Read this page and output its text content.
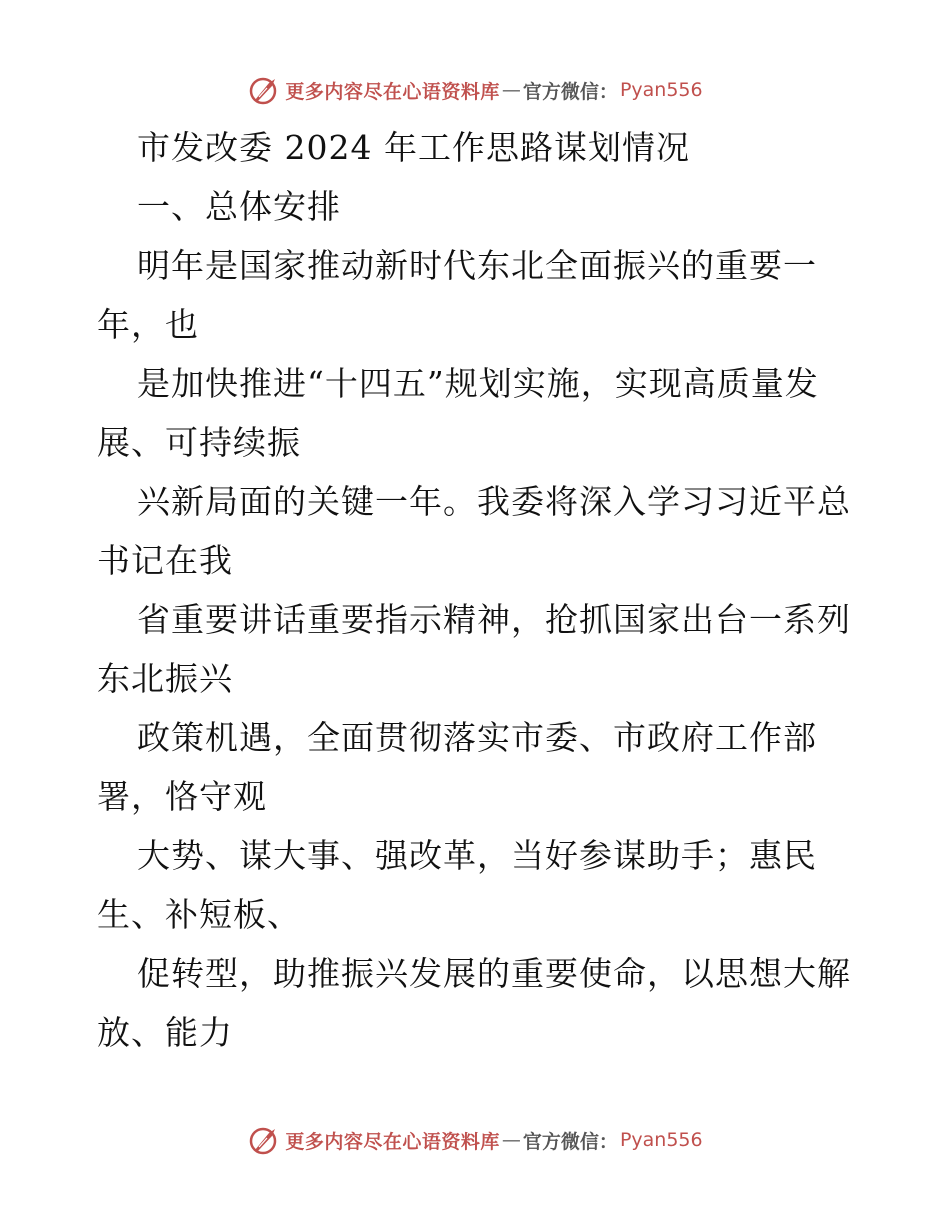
更多内容尽在心语资料库 — 官方微信： Pyan556
市发改委 2024 年工作思路谋划情况
一、总体安排
明年是国家推动新时代东北全面振兴的重要一
年，也
是加快推进“十四五”规划实施，实现高质量发
展、可持续振
兴新局面的关键一年。我委将深入学习习近平总
书记在我
省重要讲话重要指示精神，抢抓国家出台一系列
东北振兴
政策机遇，全面贯彻落实市委、市政府工作部
署，恪守观
大势、谋大事、强改革，当好参谋助手；惠民
生、补短板、
促转型，助推振兴发展的重要使命，以思想大解
放、能力
更多内容尽在心语资料库 — 官方微信： Pyan556
